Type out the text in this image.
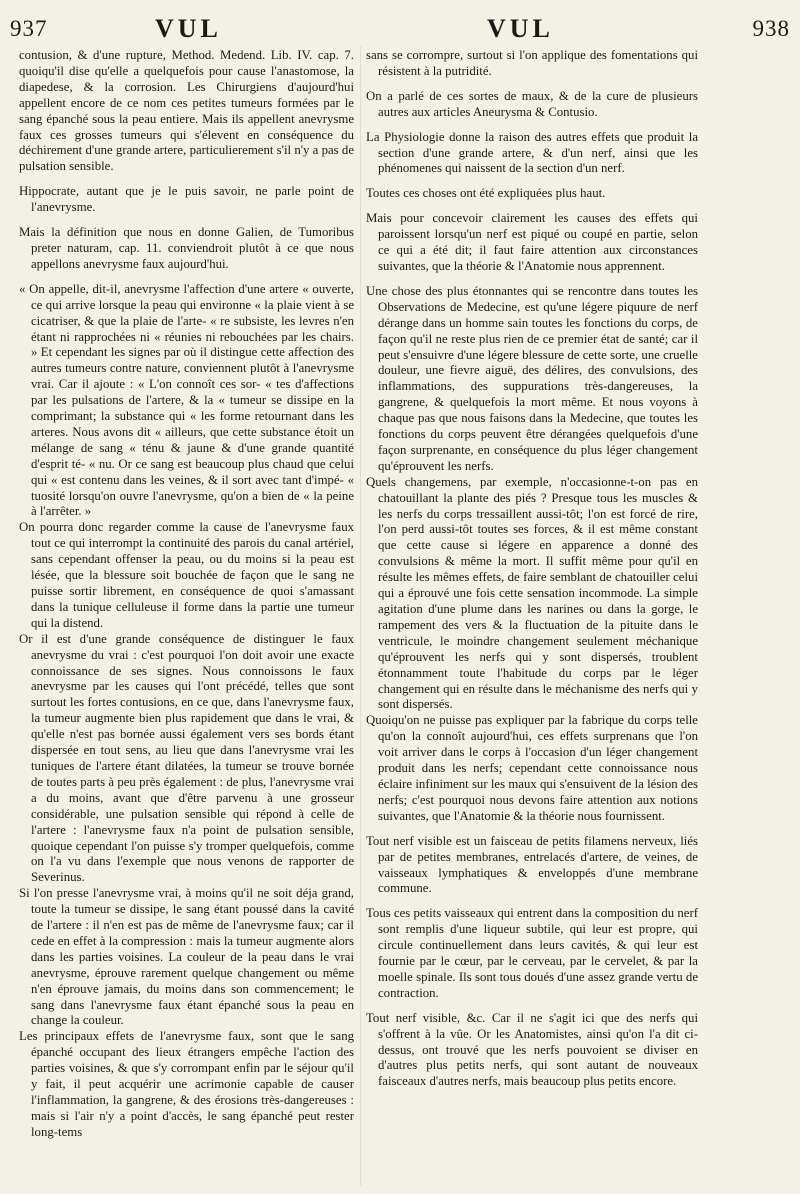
937	VUL	VUL	938

contusion, & d'une rupture, Method. Medend. Lib. IV. cap. 7. quoiqu'il dise qu'elle a quelquefois pour cause l'anastomose, la diapedese, & la corrosion. Les Chirurgiens d'aujourd'hui appellent encore de ce nom ces petites tumeurs formées par le sang épanché sous la peau entiere. Mais ils appellent anevrysme faux ces grosses tumeurs qui s'élevent en conséquence du déchirement d'une grande artere, particulierement s'il n'y a pas de pulsation sensible.

Hippocrate, autant que je le puis savoir, ne parle point de l'anevrysme.

Mais la définition que nous en donne Galien, de Tumoribus preter naturam, cap. 11. conviendroit plutôt à ce que nous appellons anevrysme faux aujourd'hui.

« On appelle, dit-il, anevrysme l'affection d'une artere « ouverte, ce qui arrive lorsque la peau qui environne « la plaie vient à se cicatriser, & que la plaie de l'arte- « re subsiste, les levres n'en étant ni rapprochées ni « réunies ni rebouchées par les chairs. » Et cependant les signes par où il distingue cette affection des autres tumeurs contre nature, conviennent plutôt à l'anevrysme vrai. Car il ajoute : « L'on connoît ces sor- « tes d'affections par les pulsations de l'artere, & la « tumeur se dissipe en la comprimant; la substance qui « les forme retournant dans les arteres. Nous avons dit « ailleurs, que cette substance étoit un mélange de sang « ténu & jaune & d'une grande quantité d'esprit té- « nu. Or ce sang est beaucoup plus chaud que celui qui « est contenu dans les veines, & il sort avec tant d'impé- « tuosité lorsqu'on ouvre l'anevrysme, qu'on a bien de « la peine à l'arrêter. »

On pourra donc regarder comme la cause de l'anevrysme faux tout ce qui interrompt la continuité des parois du canal artériel, sans cependant offenser la peau, ou du moins si la peau est lésée, que la blessure soit bouchée de façon que le sang ne puisse sortir librement, en conséquence de quoi s'amassant dans la tunique celluleuse il forme dans la partie une tumeur qui la distend.

Or il est d'une grande conséquence de distinguer le faux anevrysme du vrai : c'est pourquoi l'on doit avoir une exacte connoissance de ses signes. Nous connoissons le faux anevrysme par les causes qui l'ont précédé, telles que sont surtout les fortes contusions, en ce que, dans l'anevrysme faux, la tumeur augmente bien plus rapidement que dans le vrai, & qu'elle n'est pas bornée aussi également vers ses bords étant dispersée en tout sens, au lieu que dans l'anevrysme vrai les tuniques de l'artere étant dilatées, la tumeur se trouve bornée de toutes parts à peu près également : de plus, l'anevrysme vrai a du moins, avant que d'être parvenu à une grosseur considérable, une pulsation sensible qui répond à celle de l'artere : l'anevrysme faux n'a point de pulsation sensible, quoique cependant l'on puisse s'y tromper quelquefois, comme on l'a vu dans l'exemple que nous venons de rapporter de Severinus.

Si l'on presse l'anevrysme vrai, à moins qu'il ne soit déja grand, toute la tumeur se dissipe, le sang étant poussé dans la cavité de l'artere : il n'en est pas de même de l'anevrysme faux; car il cede en effet à la compression : mais la tumeur augmente alors dans les parties voisines. La couleur de la peau dans le vrai anevrysme, éprouve rarement quelque changement ou même n'en éprouve jamais, du moins dans son commencement; le sang dans l'anevrysme faux étant épanché sous la peau en change la couleur.

Les principaux effets de l'anevrysme faux, sont que le sang épanché occupant des lieux étrangers empêche l'action des parties voisines, & que s'y corrompant enfin par le séjour qu'il y fait, il peut acquérir une acrimonie capable de causer l'inflammation, la gangrene, & des érosions très-dangereuses : mais si l'air n'y a point d'accès, le sang épanché peut rester long-tems

sans se corrompre, surtout si l'on applique des fomentations qui résistent à la putridité.

On a parlé de ces sortes de maux, & de la cure de plusieurs autres aux articles Aneurysma & Contusio.

La Physiologie donne la raison des autres effets que produit la section d'une grande artere, & d'un nerf, ainsi que les phénomenes qui naissent de la section d'un nerf.

Toutes ces choses ont été expliquées plus haut.

Mais pour concevoir clairement les causes des effets qui paroissent lorsqu'un nerf est piqué ou coupé en partie, selon ce qui a été dit; il faut faire attention aux circonstances suivantes, que la théorie & l'Anatomie nous apprennent.

Une chose des plus étonnantes qui se rencontre dans toutes les Observations de Medecine, est qu'une légere piquure de nerf dérange dans un homme sain toutes les fonctions du corps, de façon qu'il ne reste plus rien de ce premier état de santé; car il peut s'ensuivre d'une légere blessure de cette sorte, une cruelle douleur, une fievre aiguë, des délires, des convulsions, des inflammations, des suppurations très-dangereuses, la gangrene, & quelquefois la mort même. Et nous voyons à chaque pas que nous faisons dans la Medecine, que toutes les fonctions du corps peuvent être dérangées quelquefois d'une façon surprenante, en conséquence du plus léger changement qu'éprouvent les nerfs.

Quels changemens, par exemple, n'occasionne-t-on pas en chatouillant la plante des piés ? Presque tous les muscles & les nerfs du corps tressaillent aussi-tôt; l'on est forcé de rire, l'on perd aussi-tôt toutes ses forces, & il est même constant que cette cause si légere en apparence a donné des convulsions & même la mort. Il suffit même pour qu'il en résulte les mêmes effets, de faire semblant de chatouiller celui qui a éprouvé une fois cette sensation incommode. La simple agitation d'une plume dans les narines ou dans la gorge, le rampement des vers & la fluctuation de la pituite dans le ventricule, le moindre changement seulement méchanique qu'éprouvent les nerfs qui y sont dispersés, troublent étonnamment toute l'habitude du corps par le léger changement qui en résulte dans le méchanisme des nerfs qui y sont dispersés.

Quoiqu'on ne puisse pas expliquer par la fabrique du corps telle qu'on la connoît aujourd'hui, ces effets surprenans que l'on voit arriver dans le corps à l'occasion d'un léger changement produit dans les nerfs; cependant cette connoissance nous éclaire infiniment sur les maux qui s'ensuivent de la lésion des nerfs; c'est pourquoi nous devons faire attention aux notions suivantes, que l'Anatomie & la théorie nous fournissent.

Tout nerf visible est un faisceau de petits filamens nerveux, liés par de petites membranes, entrelacés d'artere, de veines, de vaisseaux lymphatiques & enveloppés d'une membrane commune.

Tous ces petits vaisseaux qui entrent dans la composition du nerf sont remplis d'une liqueur subtile, qui leur est propre, qui circule continuellement dans leurs cavités, & qui leur est fournie par le cœur, par le cerveau, par le cervelet, & par la moelle spinale. Ils sont tous doués d'une assez grande vertu de contraction.

Tout nerf visible, &c. Car il ne s'agit ici que des nerfs qui s'offrent à la vûe. Or les Anatomistes, ainsi qu'on l'a dit ci-dessus, ont trouvé que les nerfs pouvoient se diviser en d'autres plus petits nerfs, qui sont autant de nouveaux faisceaux d'autres nerfs, mais beaucoup plus petits encore.
